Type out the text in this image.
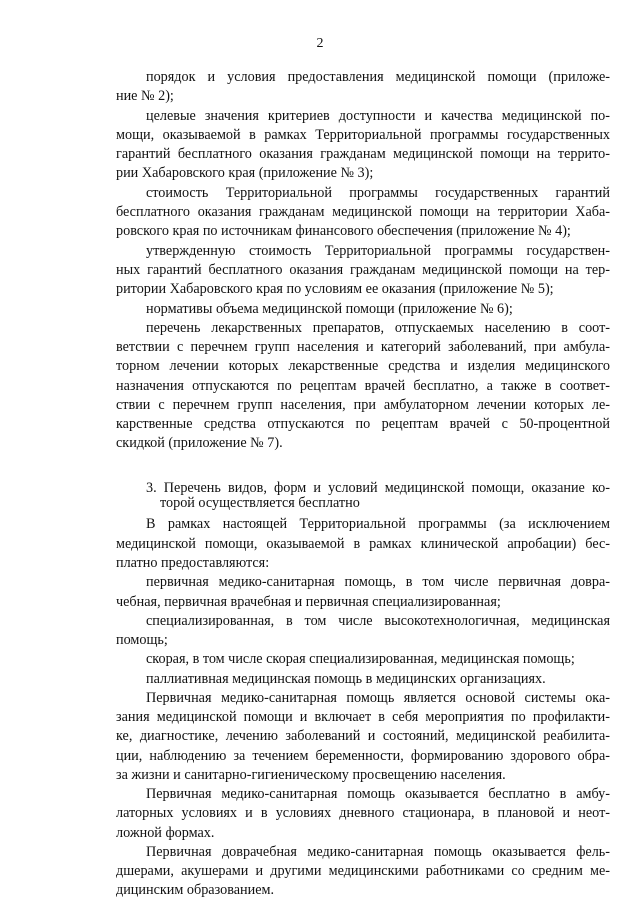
2
порядок и условия предоставления медицинской помощи (приложе-
ние № 2);
целевые значения критериев доступности и качества медицинской по-
мощи, оказываемой в рамках Территориальной программы государственных
гарантий бесплатного оказания гражданам медицинской помощи на террито-
рии Хабаровского края (приложение № 3);
стоимость Территориальной программы государственных гарантий
бесплатного оказания гражданам медицинской помощи на территории Хаба-
ровского края по источникам финансового обеспечения (приложение № 4);
утвержденную стоимость Территориальной программы государствен-
ных гарантий бесплатного оказания гражданам медицинской помощи на тер-
ритории Хабаровского края по условиям ее оказания (приложение № 5);
нормативы объема медицинской помощи (приложение № 6);
перечень лекарственных препаратов, отпускаемых населению в соот-
ветствии с перечнем групп населения и категорий заболеваний, при амбула-
торном лечении которых лекарственные средства и изделия медицинского
назначения отпускаются по рецептам врачей бесплатно, а также в соответ-
ствии с перечнем групп населения, при амбулаторном лечении которых ле-
карственные средства отпускаются по рецептам врачей с 50-процентной
скидкой (приложение № 7).
3. Перечень видов, форм и условий медицинской помощи, оказание ко-
торой осуществляется бесплатно
В рамках настоящей Территориальной программы (за исключением
медицинской помощи, оказываемой в рамках клинической апробации) бес-
платно предоставляются:
первичная медико-санитарная помощь, в том числе первичная довра-
чебная, первичная врачебная и первичная специализированная;
специализированная, в том числе высокотехнологичная, медицинская
помощь;
скорая, в том числе скорая специализированная, медицинская помощь;
паллиативная медицинская помощь в медицинских организациях.
Первичная медико-санитарная помощь является основой системы ока-
зания медицинской помощи и включает в себя мероприятия по профилакти-
ке, диагностике, лечению заболеваний и состояний, медицинской реабилита-
ции, наблюдению за течением беременности, формированию здорового обра-
за жизни и санитарно-гигиеническому просвещению населения.
Первичная медико-санитарная помощь оказывается бесплатно в амбу-
латорных условиях и в условиях дневного стационара, в плановой и неот-
ложной формах.
Первичная доврачебная медико-санитарная помощь оказывается фель-
дшерами, акушерами и другими медицинскими работниками со средним ме-
дицинским образованием.
